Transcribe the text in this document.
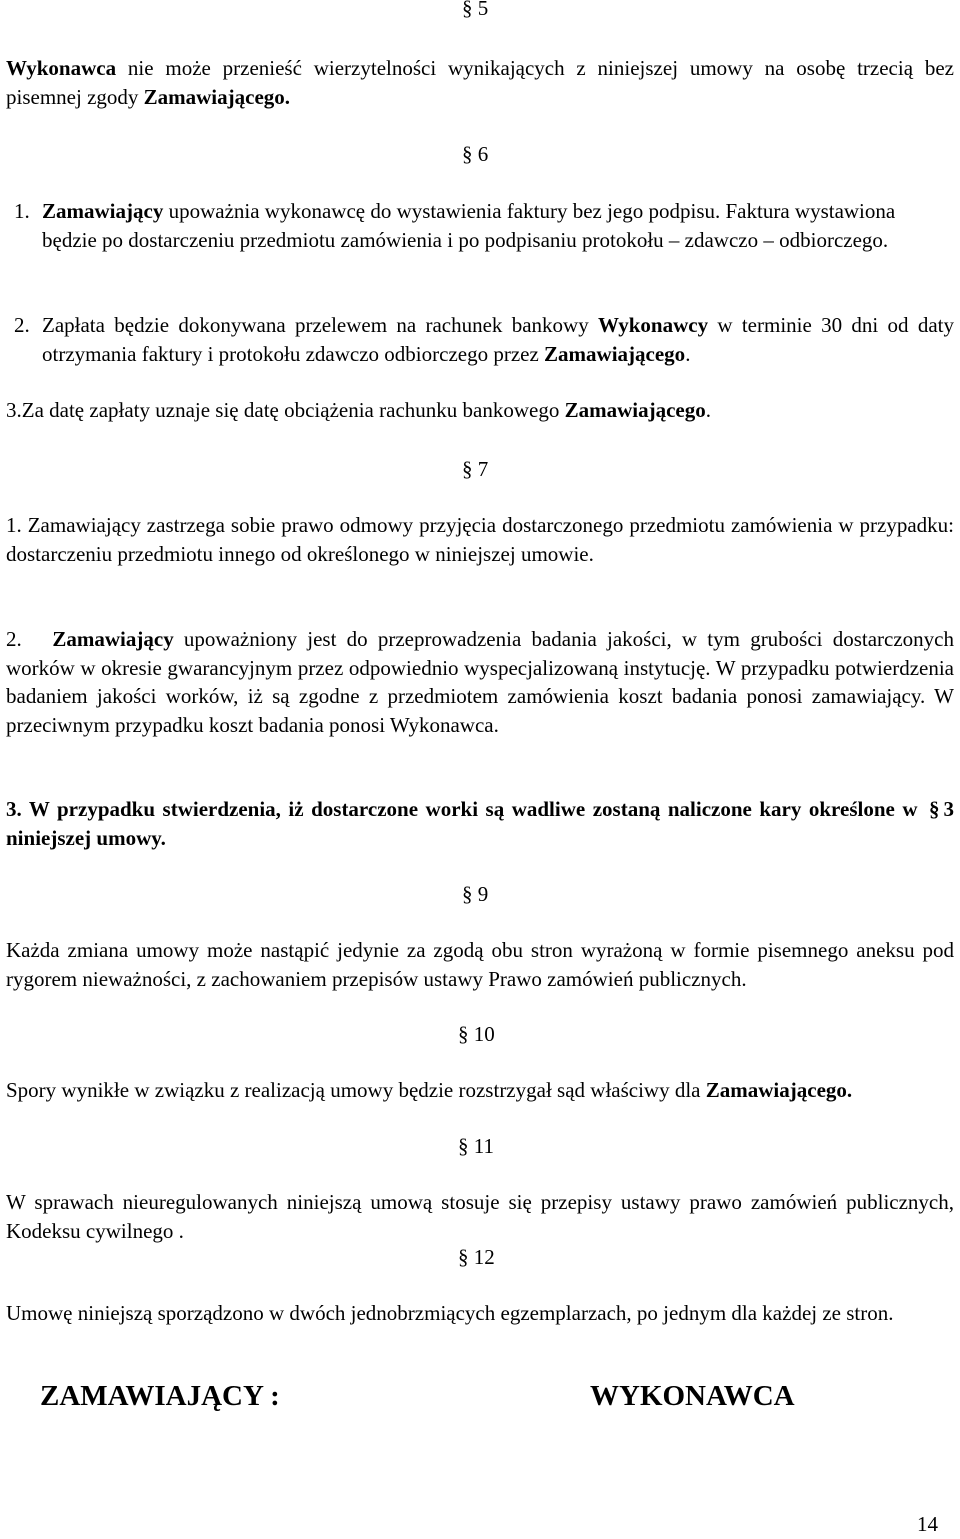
§ 5
Wykonawca nie może przenieść wierzytelności wynikających z niniejszej umowy na osobę trzecią bez pisemnej zgody Zamawiającego.
§ 6
1. Zamawiający upoważnia wykonawcę do wystawienia faktury bez jego podpisu. Faktura wystawiona będzie po dostarczeniu przedmiotu zamówienia i po podpisaniu protokołu – zdawczo – odbiorczego.
2. Zapłata będzie dokonywana przelewem na rachunek bankowy Wykonawcy w terminie 30 dni od daty otrzymania faktury i protokołu zdawczo odbiorczego przez Zamawiającego.
3.Za datę zapłaty uznaje się datę obciążenia rachunku bankowego Zamawiającego.
§ 7
1. Zamawiający zastrzega sobie prawo odmowy przyjęcia dostarczonego przedmiotu zamówienia w przypadku: dostarczeniu przedmiotu innego od określonego w niniejszej umowie.
2. Zamawiający upoważniony jest do przeprowadzenia badania jakości, w tym grubości dostarczonych worków w okresie gwarancyjnym przez odpowiednio wyspecjalizowaną instytucję. W przypadku potwierdzenia badaniem jakości worków, iż są zgodne z przedmiotem zamówienia koszt badania ponosi zamawiający. W przeciwnym przypadku koszt badania ponosi Wykonawca.
3. W przypadku stwierdzenia, iż dostarczone worki są wadliwe zostaną naliczone kary określone w § 3 niniejszej umowy.
§ 9
Każda zmiana umowy może nastąpić jedynie za zgodą obu stron wyrażoną w formie pisemnego aneksu pod rygorem nieważności, z zachowaniem przepisów ustawy Prawo zamówień publicznych.
§ 10
Spory wynikłe w związku z realizacją umowy będzie rozstrzygał sąd właściwy dla Zamawiającego.
§ 11
W sprawach nieuregulowanych niniejszą umową stosuje się przepisy ustawy prawo zamówień publicznych, Kodeksu cywilnego .
§ 12
Umowę niniejszą sporządzono w dwóch jednobrzmiących egzemplarzach, po jednym dla każdej ze stron.
ZAMAWIAJĄCY :	WYKONAWCA
14
